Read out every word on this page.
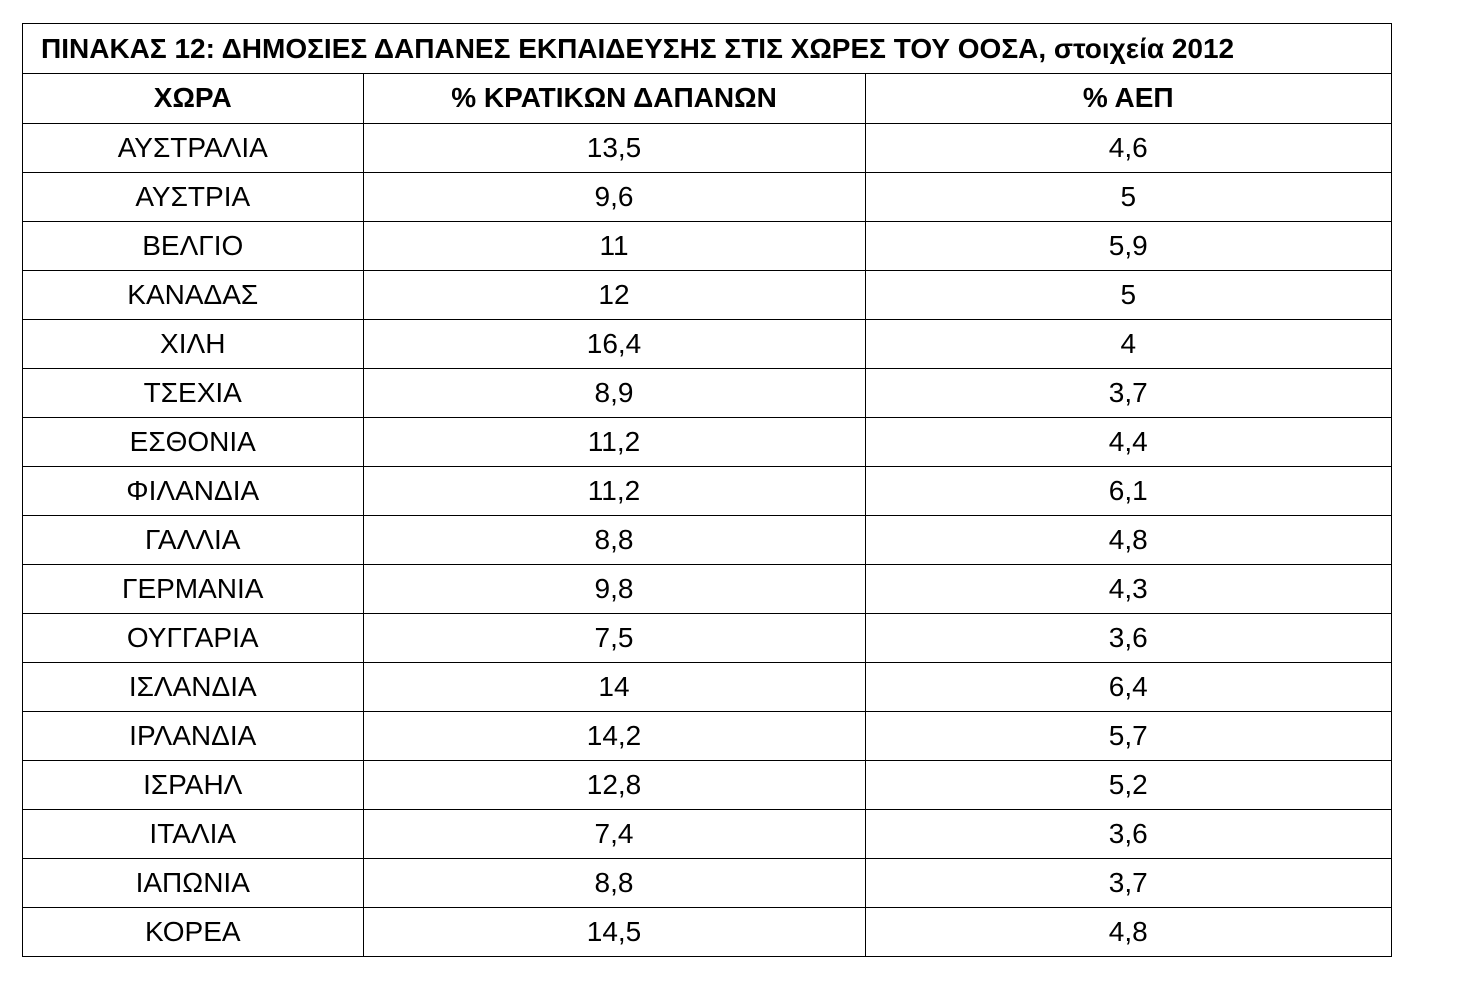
ΠΙΝΑΚΑΣ 12: ΔΗΜΟΣΙΕΣ ΔΑΠΑΝΕΣ ΕΚΠΑΙΔΕΥΣΗΣ ΣΤΙΣ ΧΩΡΕΣ ΤΟΥ ΟΟΣΑ, στοιχεία 2012
ΧΩΡΑ	% ΚΡΑΤΙΚΩΝ ΔΑΠΑΝΩΝ	% ΑΕΠ
ΑΥΣΤΡΑΛΙΑ	13,5	4,6
ΑΥΣΤΡΙΑ	9,6	5
ΒΕΛΓΙΟ	11	5,9
ΚΑΝΑΔΑΣ	12	5
ΧΙΛΗ	16,4	4
ΤΣΕΧΙΑ	8,9	3,7
ΕΣΘΟΝΙΑ	11,2	4,4
ΦΙΛΑΝΔΙΑ	11,2	6,1
ΓΑΛΛΙΑ	8,8	4,8
ΓΕΡΜΑΝΙΑ	9,8	4,3
ΟΥΓΓΑΡΙΑ	7,5	3,6
ΙΣΛΑΝΔΙΑ	14	6,4
ΙΡΛΑΝΔΙΑ	14,2	5,7
ΙΣΡΑΗΛ	12,8	5,2
ΙΤΑΛΙΑ	7,4	3,6
ΙΑΠΩΝΙΑ	8,8	3,7
ΚΟΡΕΑ	14,5	4,8
